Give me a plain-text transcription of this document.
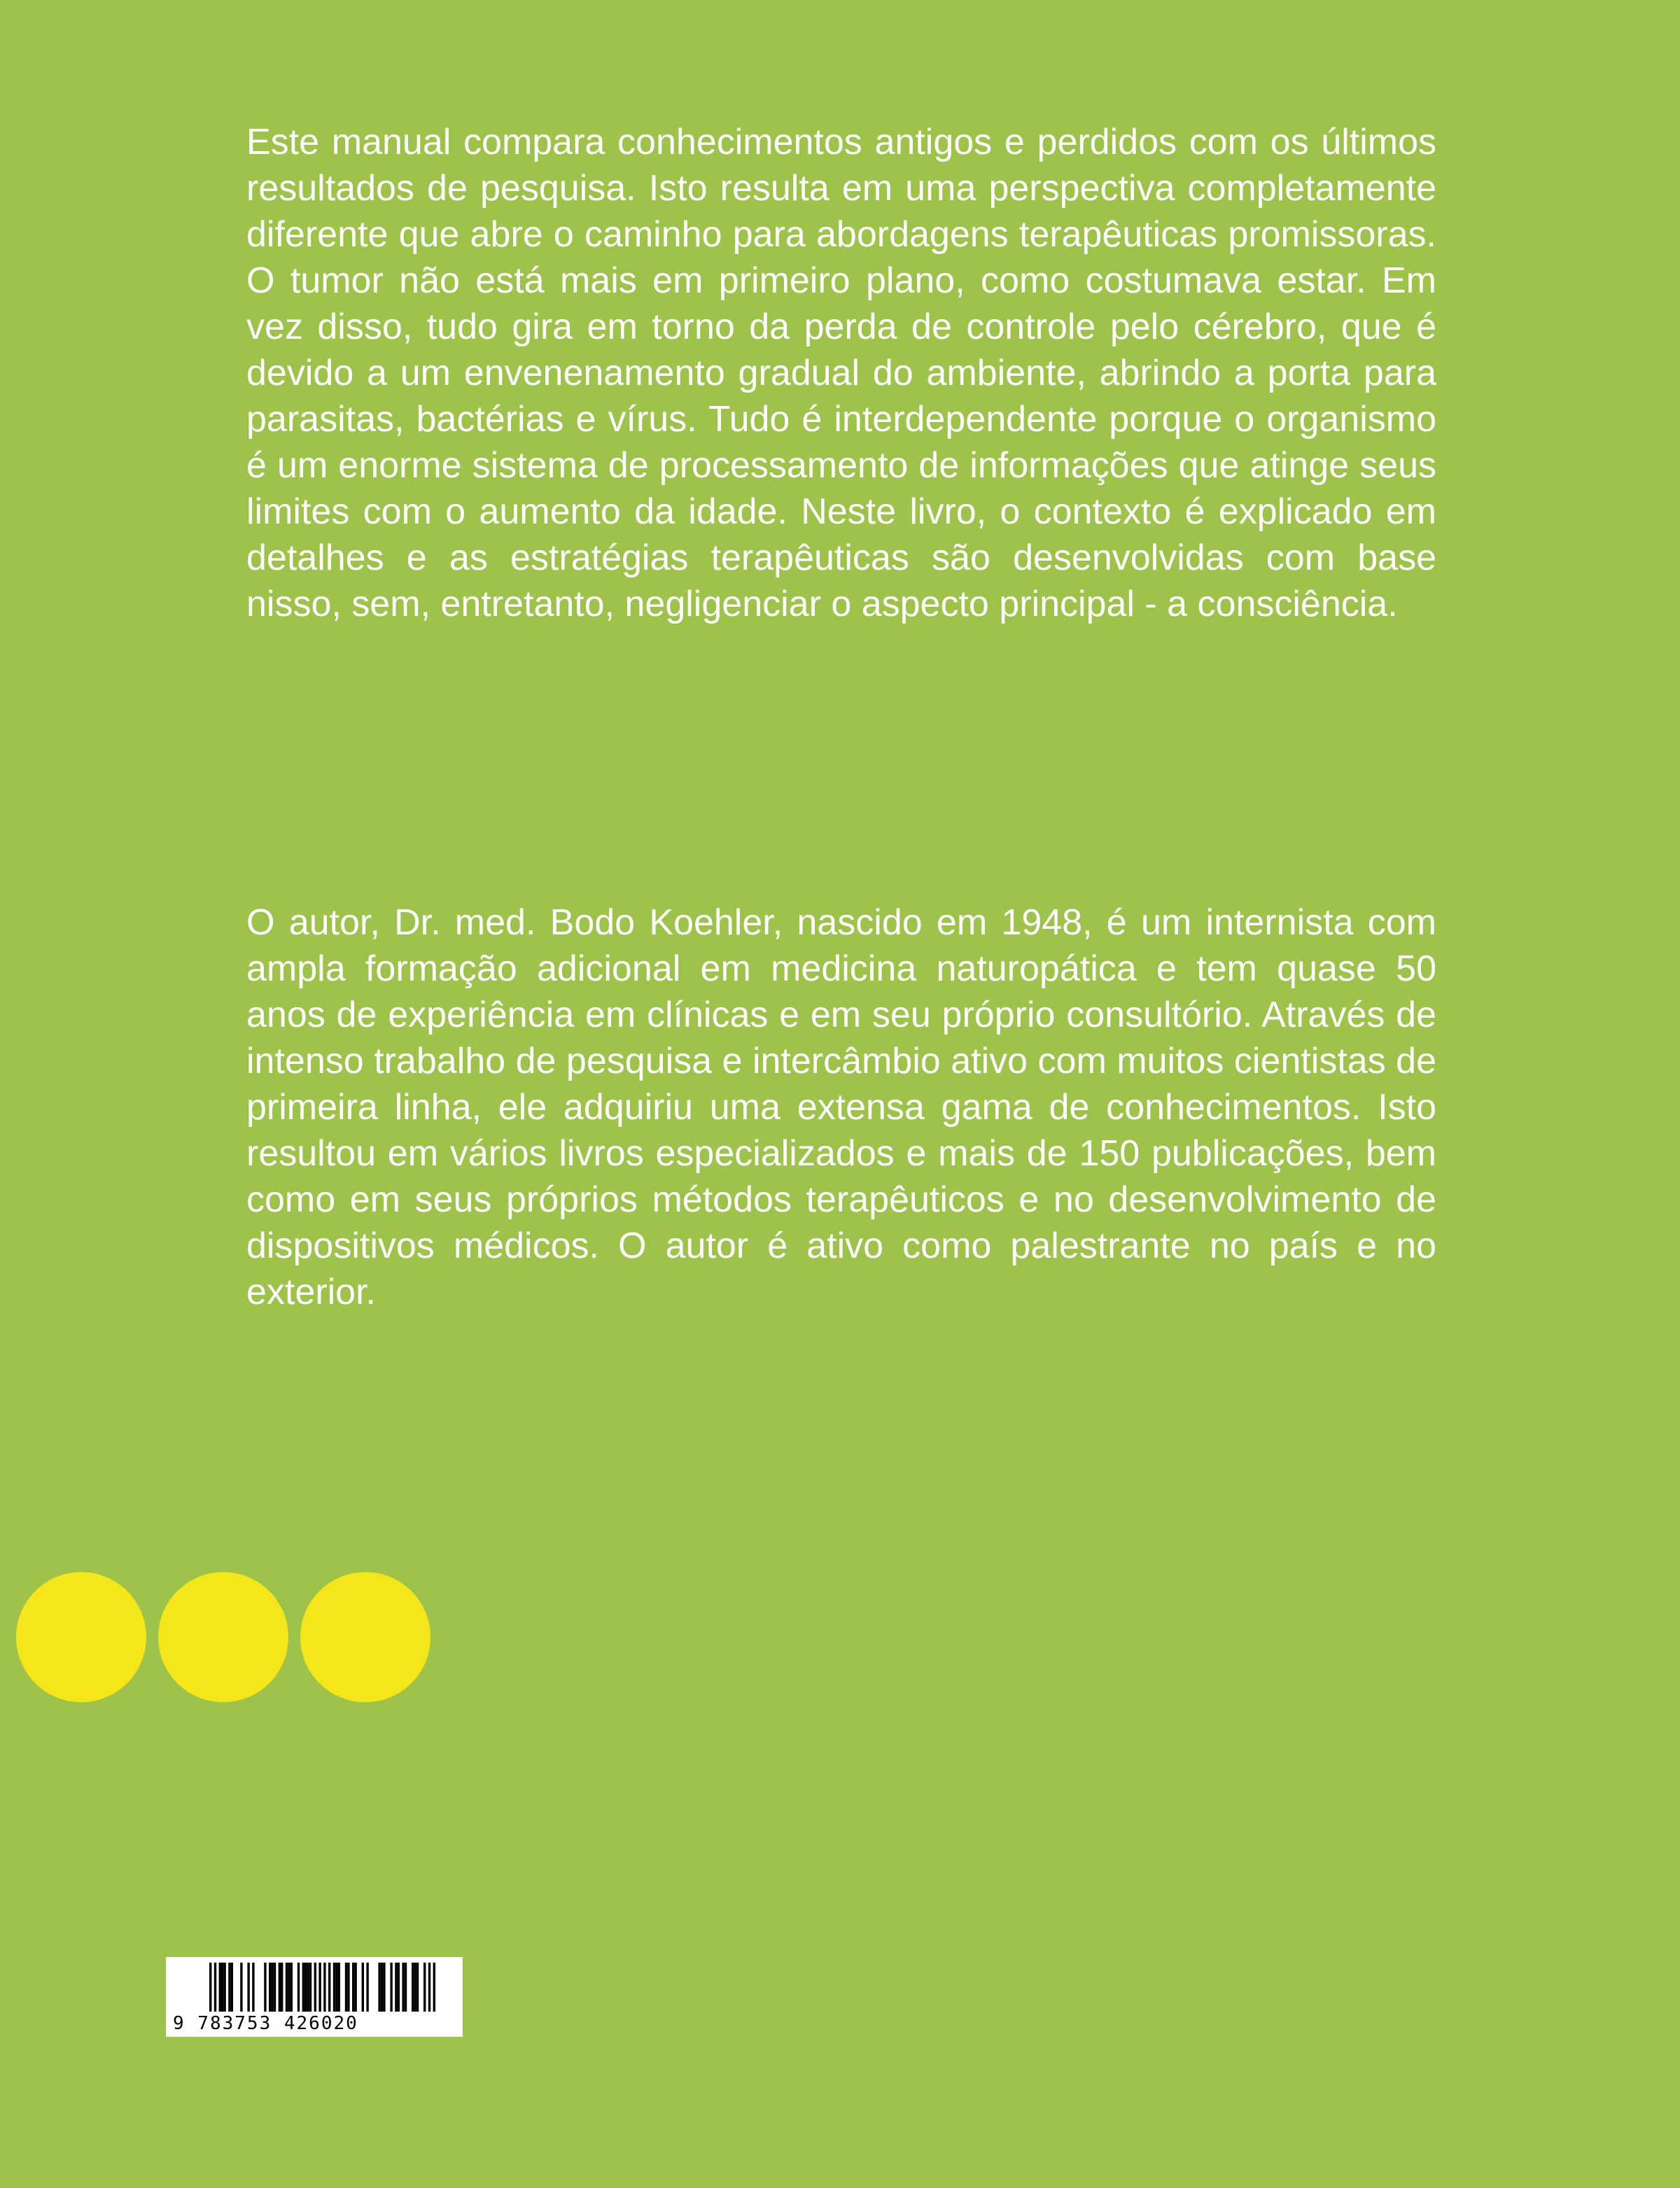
Este manual compara conhecimentos antigos e perdidos com os últimos resultados de pesquisa. Isto resulta em uma perspectiva completamente diferente que abre o caminho para abordagens terapêuticas promissoras. O tumor não está mais em primeiro plano, como costumava estar. Em vez disso, tudo gira em torno da perda de controle pelo cérebro, que é devido a um envenenamento gradual do ambiente, abrindo a porta para parasitas, bactérias e vírus. Tudo é interdependente porque o organismo é um enorme sistema de processamento de informações que atinge seus limites com o aumento da idade. Neste livro, o contexto é explicado em detalhes e as estratégias terapêuticas são desenvolvidas com base nisso, sem, entretanto, negligenciar o aspecto principal - a consciência.

O autor, Dr. med. Bodo Koehler, nascido em 1948, é um internista com ampla formação adicional em medicina naturopática e tem quase 50 anos de experiência em clínicas e em seu próprio consultório. Através de intenso trabalho de pesquisa e intercâmbio ativo com muitos cientistas de primeira linha, ele adquiriu uma extensa gama de conhecimentos. Isto resultou em vários livros especializados e mais de 150 publicações, bem como em seus próprios métodos terapêuticos e no desenvolvimento de dispositivos médicos. O autor é ativo como palestrante no país e no exterior.

9 783753 426020
